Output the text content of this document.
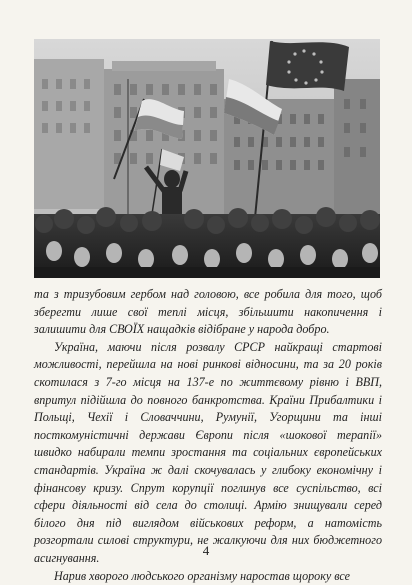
та з тризубовим гербом над головою, все робила для того, щоб зберегти лише свої теплі місця, збільшити накопичення і залишити для СВОЇХ нащадків відібране у народа добро.

Україна, маючи після розвалу СРСР найкращі стартові можливості, перейшла на нові ринкові відносини, та за 20 років скотилася з 7-го місця на 137-е по життєвому рівню і ВВП, впритул підійшла до повного банкротства. Країни Прибалтики і Польщі, Чехії і Словаччини, Румунії, Угорщини та інші посткомуністичні держави Європи після «шокової терапії» швидко набирали темпи зростання та соціальних європейських стандартів. Україна ж далі скочувалась у глибоку економічну і фінансову кризу. Спрут корупції поглинув все суспільство, всі сфери діяльності від села до столиці. Армію знищували серед білого дня під виглядом військових реформ, а натомість розгортали силові структури, не жалкуючи для них бюджетного асигнування.

Нарив хворого людського організму наростав щороку все

4
